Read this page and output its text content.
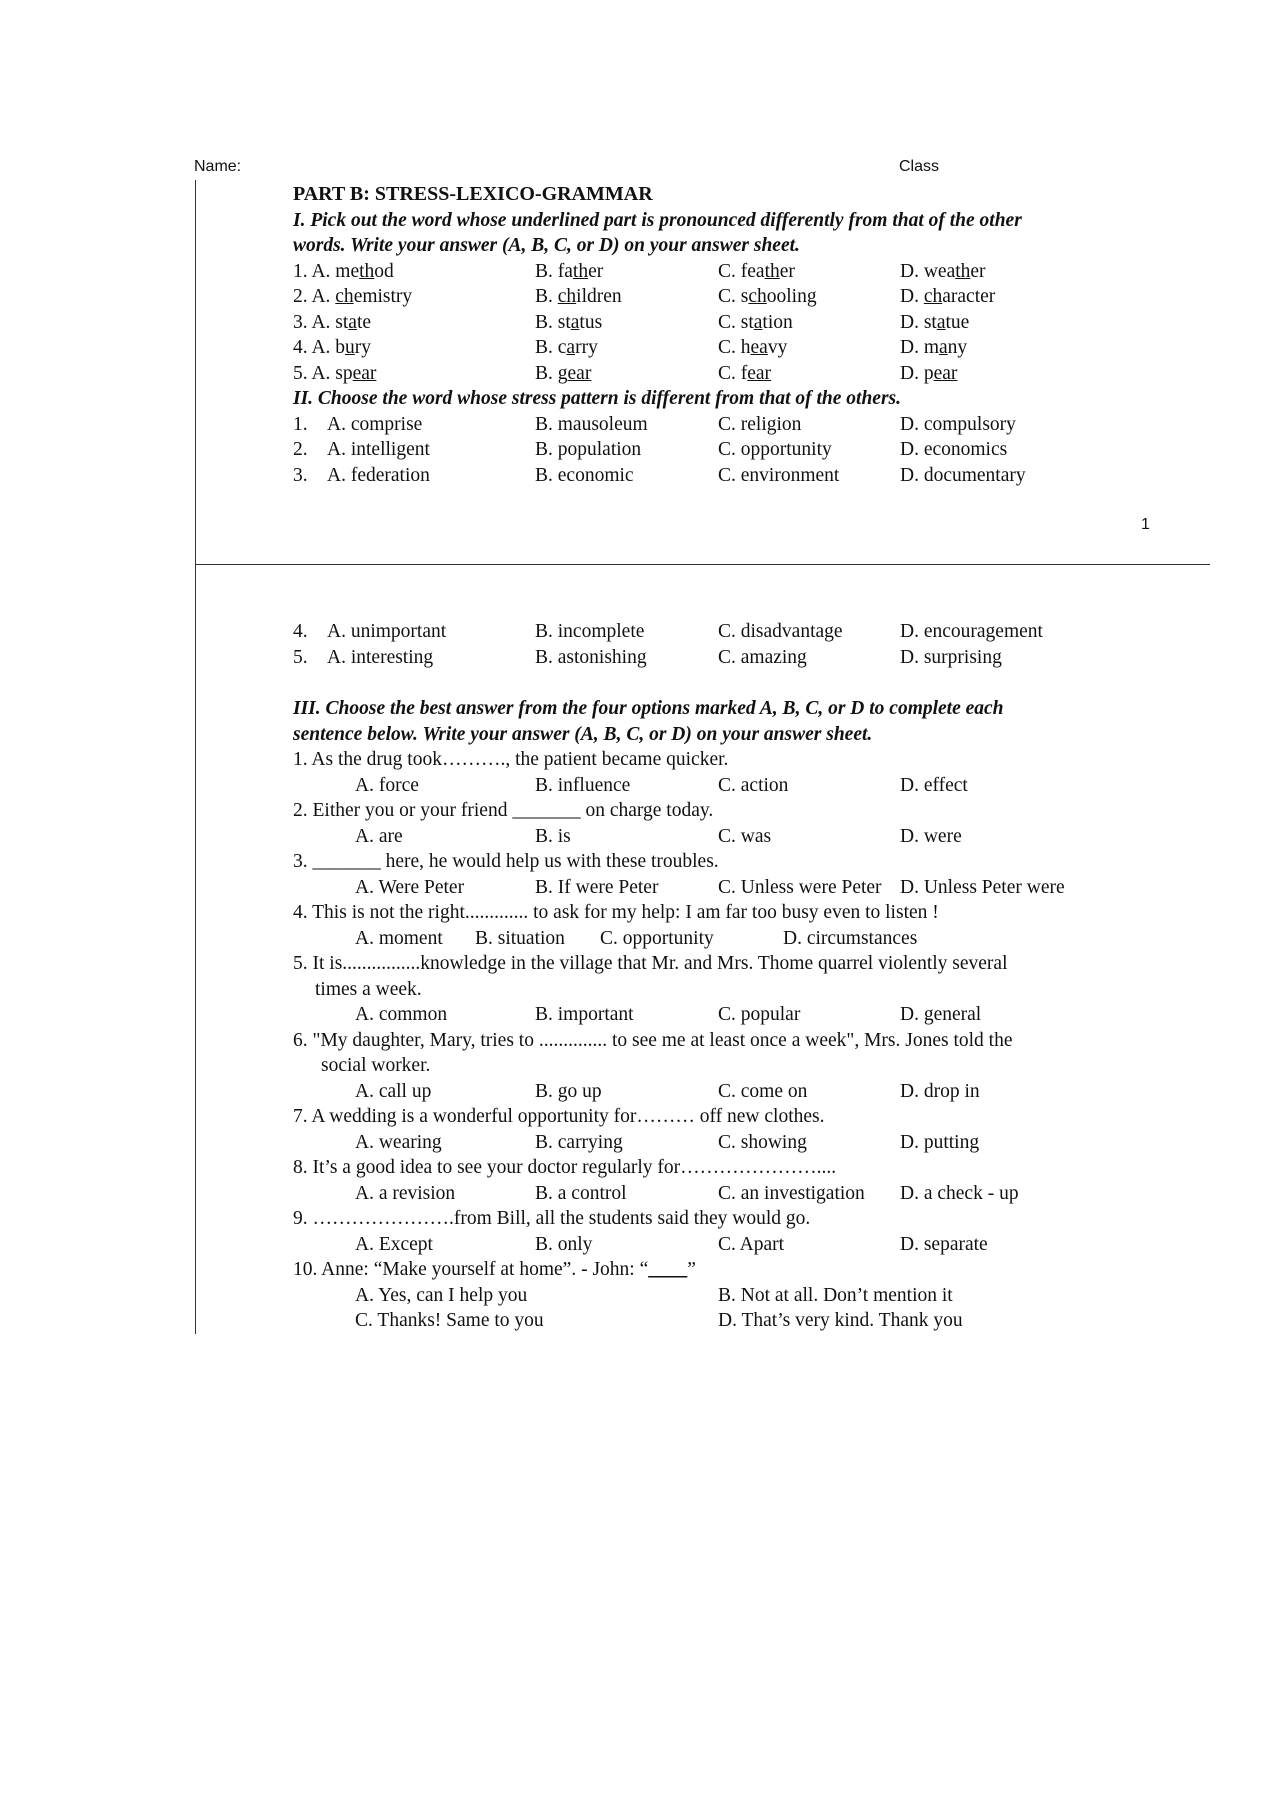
Name:	Class
1
PART B: STRESS-LEXICO-GRAMMAR
I. Pick out the word whose underlined part is pronounced differently from that of the other
words. Write your answer (A, B, C, or D) on your answer sheet.
1. A. method	B. father	C. feather	D. weather
2. A. chemistry	B. children	C. schooling	D. character
3. A. state	B. status	C. station	D. statue
4. A. bury	B. carry	C. heavy	D. many
5. A. spear	B. gear	C. fear	D. pear
II. Choose the word whose stress pattern is different from that of the others.
1. A. comprise	B. mausoleum	C. religion	D. compulsory
2. A. intelligent	B. population	C. opportunity	D. economics
3. A. federation	B. economic	C. environment	D. documentary
4. A. unimportant	B. incomplete	C. disadvantage	D. encouragement
5. A. interesting	B. astonishing	C. amazing	D. surprising
III. Choose the best answer from the four options marked A, B, C, or D to complete each
sentence below. Write your answer (A, B, C, or D) on your answer sheet.
1. As the drug took………., the patient became quicker.
A. force	B. influence	C. action	D. effect
2. Either you or your friend _______ on charge today.
A. are	B. is	C. was	D. were
3. _______ here, he would help us with these troubles.
A. Were Peter	B. If were Peter	C. Unless were Peter D. Unless Peter were
4. This is not the right............. to ask for my help: I am far too busy even to listen !
A. moment B. situation C. opportunity	D. circumstances
5. It is................knowledge in the village that Mr. and Mrs. Thome quarrel violently several
times a week.
A. common	B. important	C. popular	D. general
6. "My daughter, Mary, tries to .............. to see me at least once a week", Mrs. Jones told the
social worker.
A. call up	B. go up	C. come on	D. drop in
7. A wedding is a wonderful opportunity for……… off new clothes.
A. wearing	B. carrying	C. showing	D. putting
8. It’s a good idea to see your doctor regularly for…………………....
A. a revision	B. a control	C. an investigation D. a check - up
9. ………………….from Bill, all the students said they would go.
A. Except	B. only	C. Apart	D. separate
10. Anne: “Make yourself at home”. - John: “____”
A. Yes, can I help you	B. Not at all. Don’t mention it
C. Thanks! Same to you	D. That’s very kind. Thank you
